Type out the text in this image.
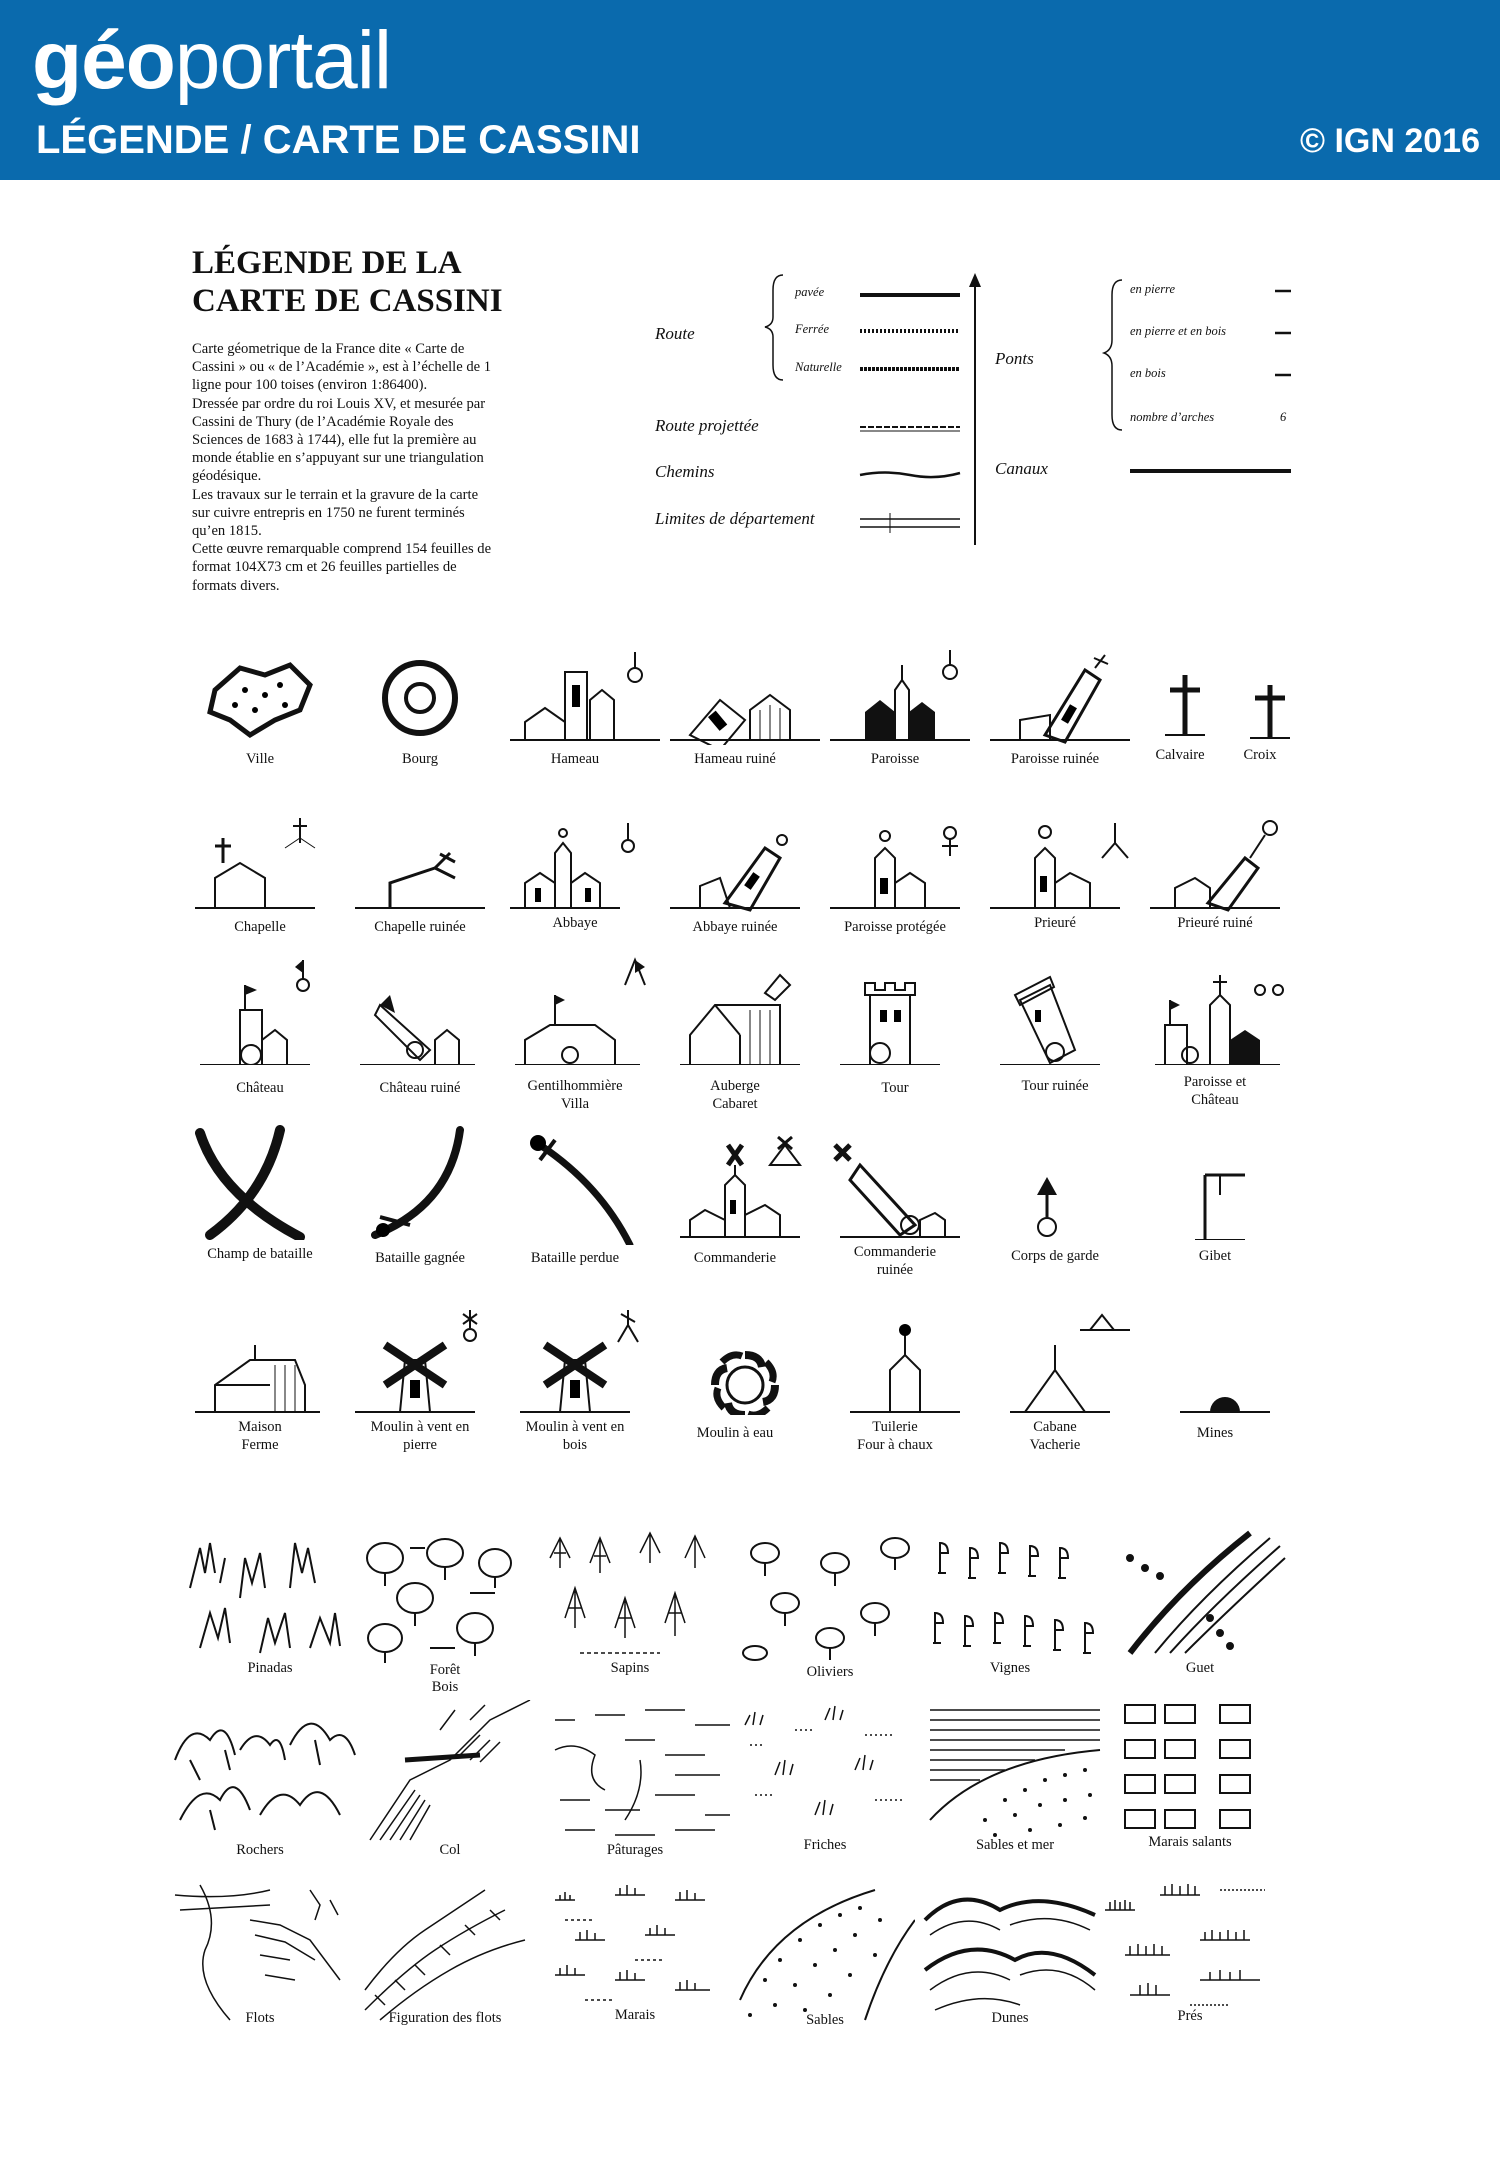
géoportail
LÉGENDE / CARTE DE CASSINI	© IGN 2016
LÉGENDE DE LA
CARTE DE CASSINI
Carte géometrique de la France dite « Carte de
Cassini » ou « de l’Académie », est à l’échelle de 1
ligne pour 100 toises (environ 1:86400).
Dressée par ordre du roi Louis XV, et mesurée par
Cassini de Thury (de l’Académie Royale des
Sciences de 1683 à 1744), elle fut la première au
monde établie en s’appuyant sur une triangulation
géodésique.
Les travaux sur le terrain et la gravure de la carte
sur cuivre entrepris en 1750 ne furent terminés
qu’en 1815.
Cette œuvre remarquable comprend 154 feuilles de
format 104X73 cm et 26 feuilles partielles de
formats divers.
Route
pavée
Ferrée
Naturelle
Route projettée
Chemins
Limites de département
Ponts
en pierre
en pierre et en bois
en bois
nombre d’arches	6
Canaux
Ville	Bourg	Hameau	Hameau ruiné	Paroisse	Paroisse ruinée	Calvaire	Croix
Chapelle	Chapelle ruinée	Abbaye	Abbaye ruinée	Paroisse protégée	Prieuré	Prieuré ruiné
Château	Château ruiné	Gentilhommière
Villa
Auberge
Cabaret
Tour	Tour ruinée	Paroisse et
Château
Champ de bataille	Bataille gagnée	Bataille perdue	Commanderie	Commanderie
ruinée
Corps de garde	Gibet
Maison
Ferme
Moulin à vent en
pierre
Moulin à vent en
bois
Moulin à eau	Tuilerie
Four à chaux
Cabane
Vacherie
Mines
Pinadas	Forêt
Bois
Sapins	Oliviers	Vignes	Guet
Rochers	Col	Pâturages	Friches	Sables et mer	Marais salants
Flots	Figuration des flots	Marais	Sables	Dunes	Prés
